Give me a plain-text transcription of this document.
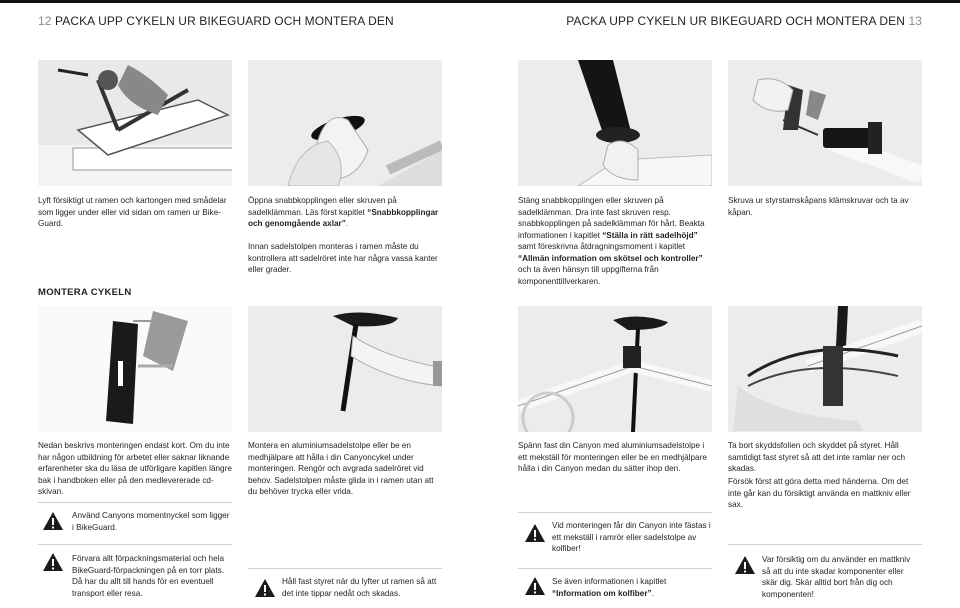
12 PACKA UPP CYKELN UR BIKEGUARD OCH MONTERA DEN	PACKA UPP CYKELN UR BIKEGUARD OCH MONTERA DEN 13
Lyft försiktigt ut ramen och kartongen med smådelar som ligger under eller vid sidan om ramen ur Bike-Guard.
Öppna snabbkopplingen eller skruven på sadelklämman. Läs först kapitlet “Snabbkopplingar och genomgående axlar”.
Innan sadelstolpen monteras i ramen måste du kontrollera att sadelröret inte har några vassa kanter eller grader.
Stäng snabbkopplingen eller skruven på sadelklämman. Dra inte fast skruven resp. snabbkopplingen på sadelklämman för hårt. Beakta informationen i kapitlet “Ställa in rätt sadelhöjd” samt föreskrivna åtdragningsmoment i kapitlet “Allmän information om skötsel och kontroller” och ta även hänsyn till uppgifterna från komponenttillverkaren.
Skruva ur styrstamskåpans klämskruvar och ta av kåpan.
MONTERA CYKELN
Nedan beskrivs monteringen endast kort. Om du inte har någon utbildning för arbetet eller saknar liknande erfarenheter ska du läsa de utförligare kapitlen längre bak i handboken eller på den medlevererade cd-skivan.
Montera en aluminiumsadelstolpe eller be en medhjälpare att hålla i din Canyoncykel under monteringen. Rengör och avgrada sadelröret vid behov. Sadelstolpen måste glida in i ramen utan att du behöver trycka eller vrida.
Spänn fast din Canyon med aluminiumsadelstolpe i ett mekställ för monteringen eller be en medhjälpare hålla i din Canyon medan du sätter ihop den.
Ta bort skyddsfolien och skyddet på styret. Håll samtidigt fast styret så att det inte ramlar ner och skadas.
Försök först att göra detta med händerna. Om det inte går kan du försiktigt använda en mattkniv eller sax.
Använd Canyons momentnyckel som ligger i BikeGuard.
Förvara allt förpackningsmaterial och hela BikeGuard-förpackningen på en torr plats. Då har du allt till hands för en eventuell transport eller resa.
Håll fast styret när du lyfter ut ramen så att det inte tippar nedåt och skadas.
Vid monteringen får din Canyon inte fästas i ett mekställ i ramrör eller sadelstolpe av kolfiber!
Se även informationen i kapitlet “Information om kolfiber”.
Var försiktig om du använder en mattkniv så att du inte skadar komponenter eller skär dig. Skär alltid bort från dig och komponenten!
